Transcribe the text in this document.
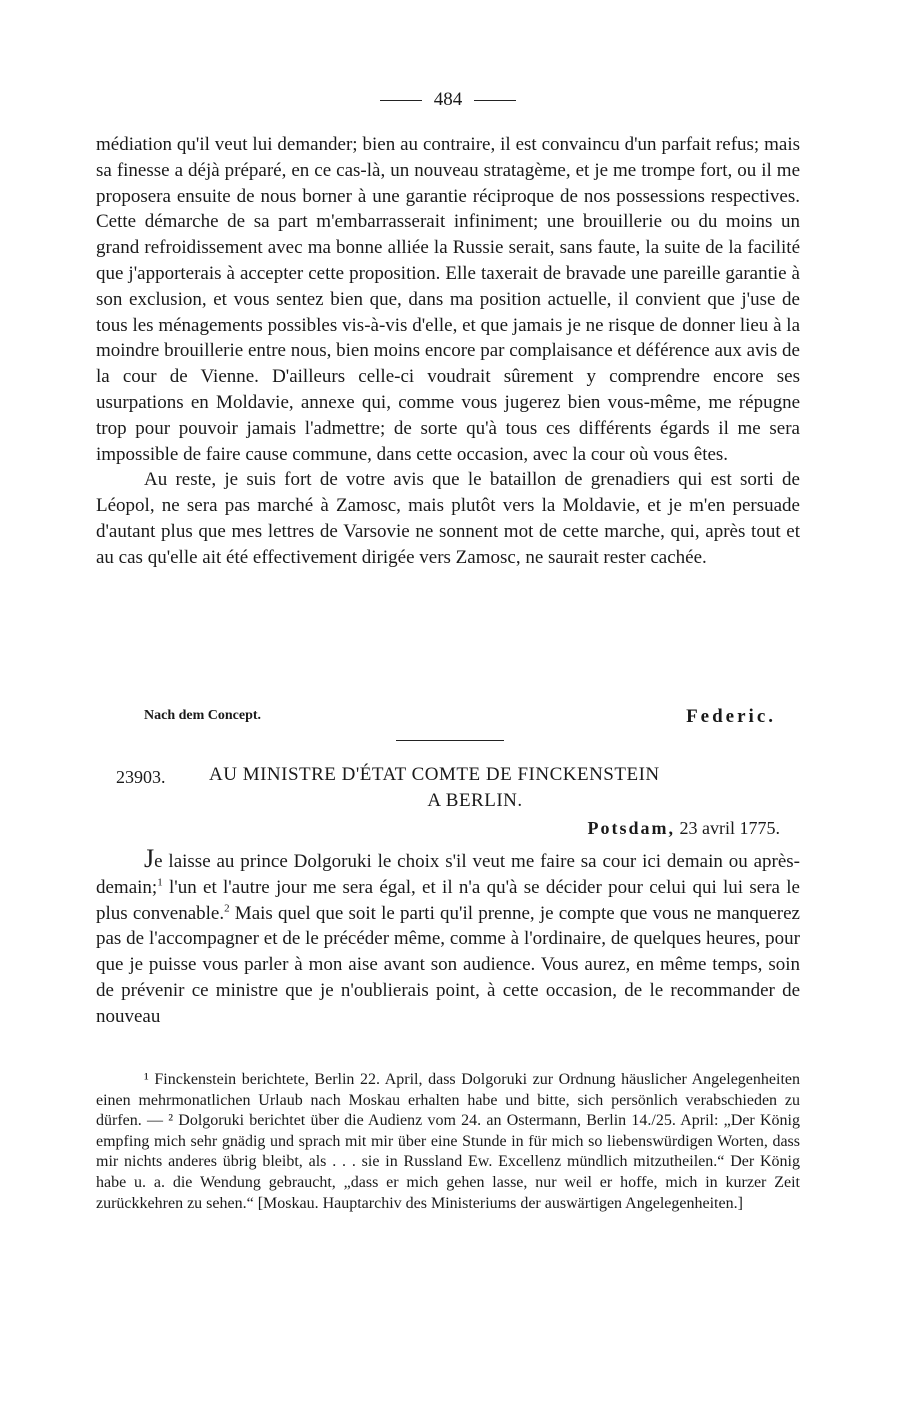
484

médiation qu'il veut lui demander; bien au contraire, il est convaincu d'un parfait refus; mais sa finesse a déjà préparé, en ce cas-là, un nouveau stratagème, et je me trompe fort, ou il me proposera ensuite de nous borner à une garantie réciproque de nos possessions respectives. Cette démarche de sa part m'embarrasserait infiniment; une brouillerie ou du moins un grand refroidissement avec ma bonne alliée la Russie serait, sans faute, la suite de la facilité que j'apporterais à accepter cette proposition. Elle taxerait de bravade une pareille garantie à son exclusion, et vous sentez bien que, dans ma position actuelle, il convient que j'use de tous les ménagements possibles vis-à-vis d'elle, et que jamais je ne risque de donner lieu à la moindre brouillerie entre nous, bien moins encore par complaisance et déférence aux avis de la cour de Vienne. D'ailleurs celle-ci voudrait sûrement y comprendre encore ses usurpations en Moldavie, annexe qui, comme vous jugerez bien vous-même, me répugne trop pour pouvoir jamais l'admettre; de sorte qu'à tous ces différents égards il me sera impossible de faire cause commune, dans cette occasion, avec la cour où vous êtes.

Au reste, je suis fort de votre avis que le bataillon de grenadiers qui est sorti de Léopol, ne sera pas marché à Zamosc, mais plutôt vers la Moldavie, et je m'en persuade d'autant plus que mes lettres de Varsovie ne sonnent mot de cette marche, qui, après tout et au cas qu'elle ait été effectivement dirigée vers Zamosc, ne saurait rester cachée.

Nach dem Concept.	Federic.
23903. AU MINISTRE D'ÉTAT COMTE DE FINCKENSTEIN
A BERLIN.
Potsdam, 23 avril 1775.

Je laisse au prince Dolgoruki le choix s'il veut me faire sa cour ici demain ou après-demain;$^1$ l'un et l'autre jour me sera égal, et il n'a qu'à se décider pour celui qui lui sera le plus convenable.$^2$ Mais quel que soit le parti qu'il prenne, je compte que vous ne manquerez pas de l'accompagner et de le précéder même, comme à l'ordinaire, de quelques heures, pour que je puisse vous parler à mon aise avant son audience. Vous aurez, en même temps, soin de prévenir ce ministre que je n'oublierais point, à cette occasion, de le recommander de nouveau

¹ Finckenstein berichtete, Berlin 22. April, dass Dolgoruki zur Ordnung häuslicher Angelegenheiten einen mehrmonatlichen Urlaub nach Moskau erhalten habe und bitte, sich persönlich verabschieden zu dürfen. — ² Dolgoruki berichtet über die Audienz vom 24. an Ostermann, Berlin 14./25. April: „Der König empfing mich sehr gnädig und sprach mit mir über eine Stunde in für mich so liebenswürdigen Worten, dass mir nichts anderes übrig bleibt, als . . . sie in Russland Ew. Excellenz mündlich mitzutheilen.“ Der König habe u. a. die Wendung gebraucht, „dass er mich gehen lasse, nur weil er hoffe, mich in kurzer Zeit zurückkehren zu sehen.“ [Moskau. Hauptarchiv des Ministeriums der auswärtigen Angelegenheiten.]
